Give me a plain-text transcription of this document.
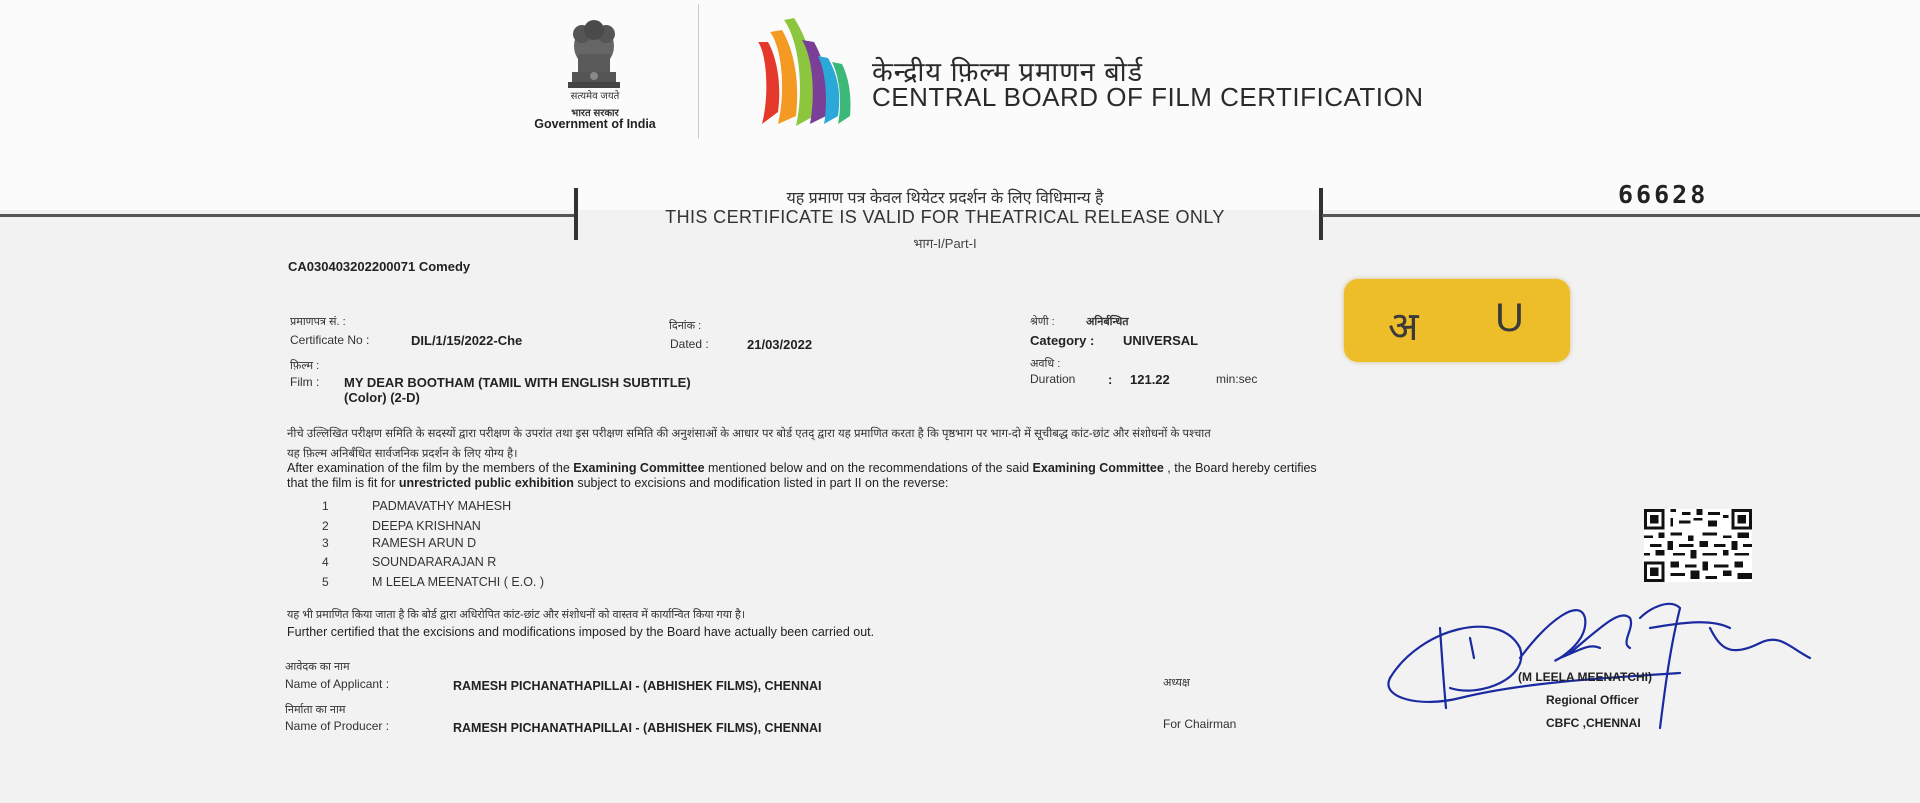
सत्यमेव जयते
भारत सरकार
Government of India
केन्द्रीय फ़िल्म प्रमाणन बोर्ड
CENTRAL BOARD OF FILM CERTIFICATION
यह प्रमाण पत्र केवल थियेटर प्रदर्शन के लिए विधिमान्य है
THIS CERTIFICATE IS VALID FOR THEATRICAL RELEASE ONLY
भाग-I/Part-I
66628
CA030403202200071 Comedy
प्रमाणपत्र सं. :
Certificate No :	DIL/1/15/2022-Che
दिनांक :
Dated :	21/03/2022
श्रेणी :	अनिर्बन्धित
Category : UNIVERSAL
फ़िल्म :
Film : MY DEAR BOOTHAM (TAMIL WITH ENGLISH SUBTITLE)
(Color) (2-D)
अवधि :
Duration	: 121.22	min:sec
अ U
नीचे उल्लिखित परीक्षण समिति के सदस्यों द्वारा परीक्षण के उपरांत तथा इस परीक्षण समिति की अनुशंसाओं के आधार पर बोर्ड एतद् द्वारा यह प्रमाणित करता है कि पृष्ठभाग पर भाग-दो में सूचीबद्ध कांट-छांट और संशोधनों के पश्चात
यह फ़िल्म अनिर्बंधित सार्वजनिक प्रदर्शन के लिए योग्य है।
After examination of the film by the members of the Examining Committee mentioned below and on the recommendations of the said Examining Committee , the Board hereby certifies
that the film is fit for unrestricted public exhibition subject to excisions and modification listed in part II on the reverse:
1	PADMAVATHY MAHESH
2	DEEPA KRISHNAN
3	RAMESH ARUN D
4	SOUNDARARAJAN R
5	M LEELA MEENATCHI ( E.O. )
यह भी प्रमाणित किया जाता है कि बोर्ड द्वारा अधिरोपित कांट-छांट और संशोधनों को वास्तव में कार्यान्वित किया गया है।
Further certified that the excisions and modifications imposed by the Board have actually been carried out.
आवेदक का नाम
Name of Applicant :	RAMESH PICHANATHAPILLAI - (ABHISHEK FILMS), CHENNAI
निर्माता का नाम
Name of Producer :	RAMESH PICHANATHAPILLAI - (ABHISHEK FILMS), CHENNAI
अध्यक्ष
For Chairman
(M LEELA MEENATCHI)
Regional Officer
CBFC ,CHENNAI
